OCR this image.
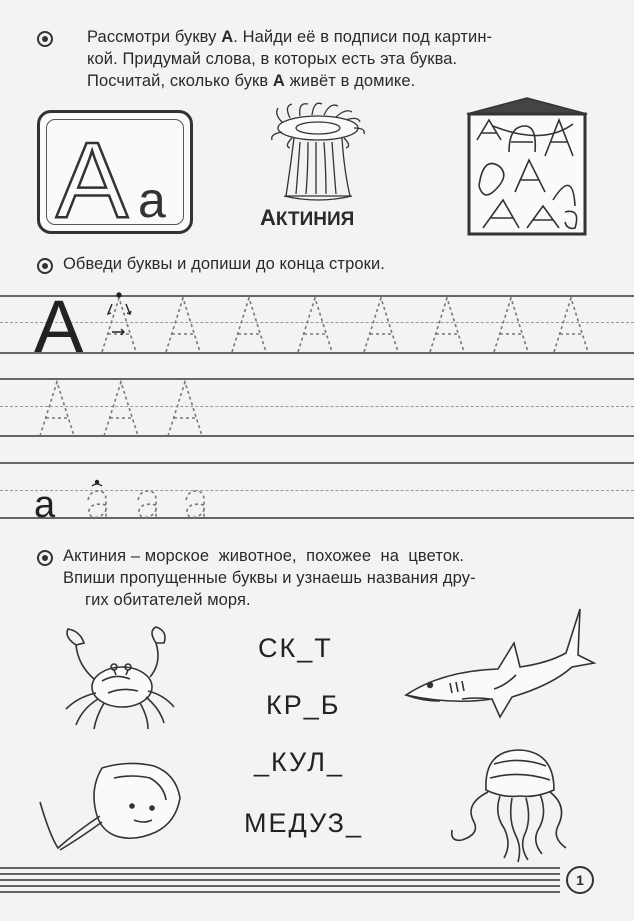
Рассмотри букву А. Найди её в подписи под картин-
кой. Придумай слова, в которых есть эта буква.
Посчитай, сколько букв А живёт в домике.
A a	АКТИНИЯ
Обведи буквы и допиши до конца строки.
A
a
Актиния – морское  животное,  похожее  на  цветок.
Впиши пропущенные буквы и узнаешь названия дру-
гих обитателей моря.
СК_Т
КР_Б
_КУЛ_
МЕДУЗ_
1
